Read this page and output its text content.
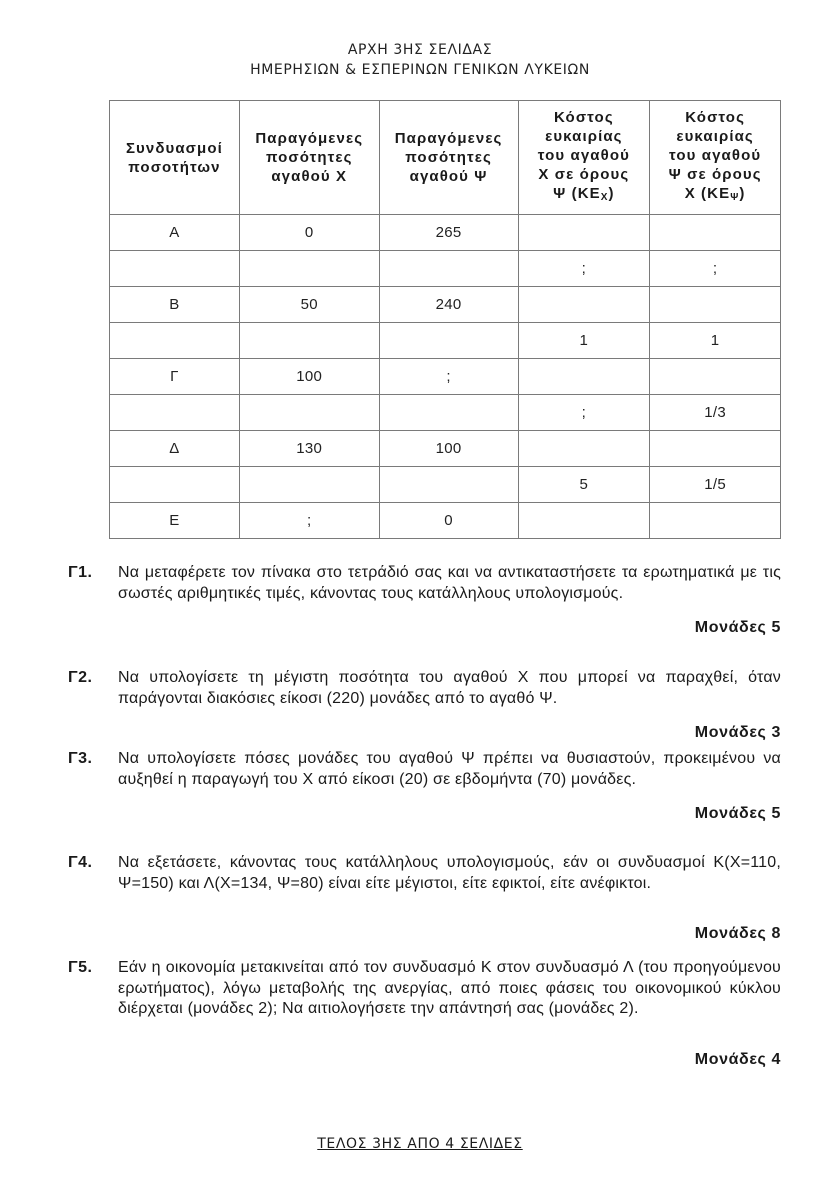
ΑΡΧΗ 3ΗΣ ΣΕΛΙΔΑΣ
ΗΜΕΡΗΣΙΩΝ & ΕΣΠΕΡΙΝΩΝ ΓΕΝΙΚΩΝ ΛΥΚΕΙΩΝ
Συνδυασμοί
ποσοτήτων	Παραγόμενες
ποσότητες
αγαθού Χ	Παραγόμενες
ποσότητες
αγαθού Ψ	Κόστος
ευκαιρίας
του αγαθού
Χ σε όρους
Ψ $(KE_X)$	Κόστος
ευκαιρίας
του αγαθού
Ψ σε όρους
Χ $(KE_\Psi)$
Α	0	265		
			;	;
Β	50	240		
			1	1
Γ	100	;		
			;	1/3
Δ	130	100		
			5	1/5
Ε	;	0		
Γ1. Να μεταφέρετε τον πίνακα στο τετράδιό σας και να αντικαταστήσετε τα ερωτηματικά με τις σωστές αριθμητικές τιμές, κάνοντας τους κατάλληλους υπολογισμούς.
Μονάδες 5
Γ2. Να υπολογίσετε τη μέγιστη ποσότητα του αγαθού Χ που μπορεί να παραχθεί, όταν παράγονται διακόσιες είκοσι (220) μονάδες από το αγαθό Ψ.
Μονάδες 3
Γ3. Να υπολογίσετε πόσες μονάδες του αγαθού Ψ πρέπει να θυσιαστούν, προκειμένου να αυξηθεί η παραγωγή του Χ από είκοσι (20) σε εβδομήντα (70) μονάδες.
Μονάδες 5
Γ4. Να εξετάσετε, κάνοντας τους κατάλληλους υπολογισμούς, εάν οι συνδυασμοί Κ(Χ=110, Ψ=150) και Λ(Χ=134, Ψ=80) είναι είτε μέγιστοι, είτε εφικτοί, είτε ανέφικτοι.
Μονάδες 8
Γ5. Εάν η οικονομία μετακινείται από τον συνδυασμό Κ στον συνδυασμό Λ (του προηγούμενου ερωτήματος), λόγω μεταβολής της ανεργίας, από ποιες φάσεις του οικονομικού κύκλου διέρχεται (μονάδες 2); Να αιτιολογήσετε την απάντησή σας (μονάδες 2).
Μονάδες 4
ΤΕΛΟΣ 3ΗΣ ΑΠΟ 4 ΣΕΛΙΔΕΣ
